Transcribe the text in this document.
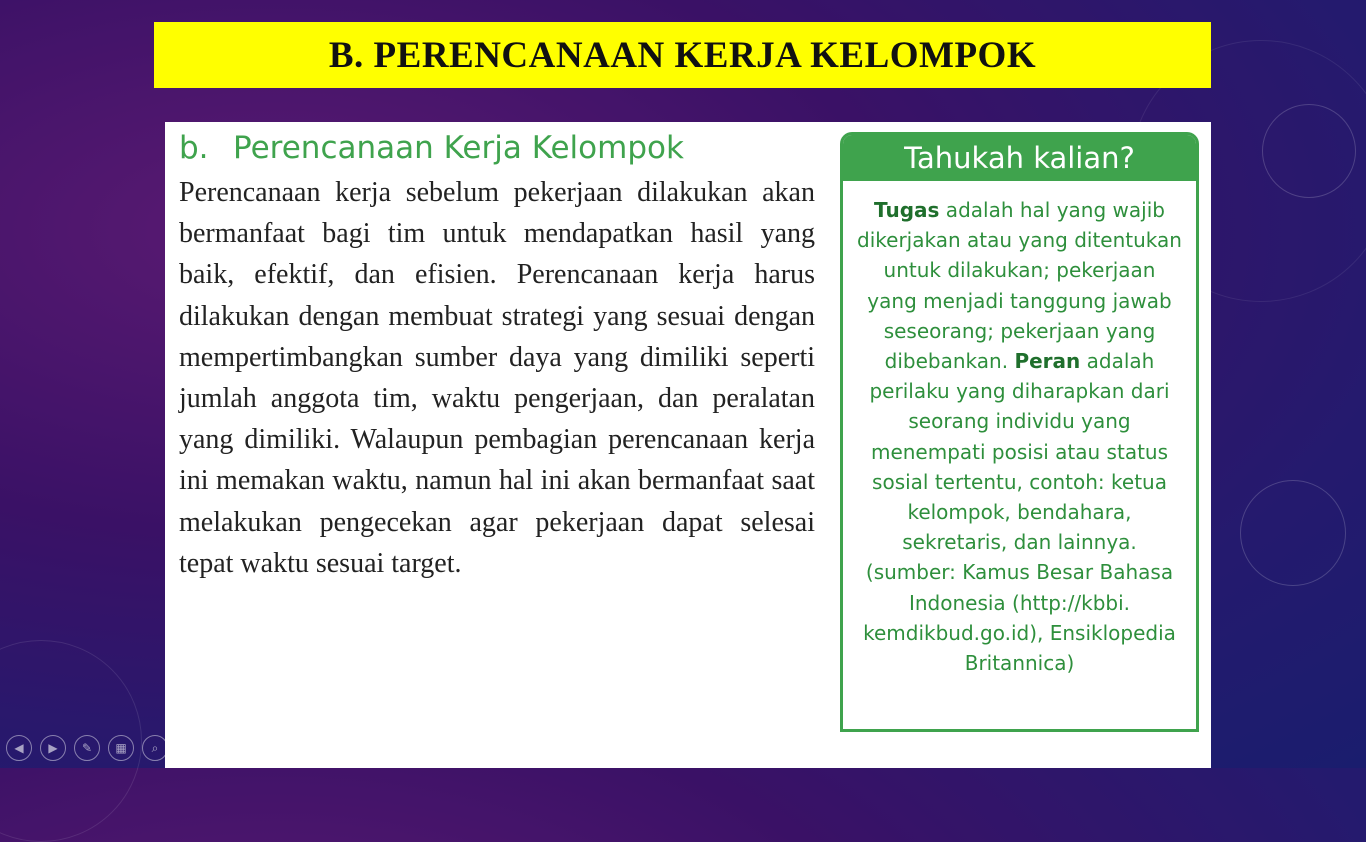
B. PERENCANAAN KERJA KELOMPOK
b. Perencanaan Kerja Kelompok

Perencanaan kerja sebelum pekerjaan dilakukan akan bermanfaat bagi tim untuk mendapatkan hasil yang baik, efektif, dan efisien. Perencanaan kerja harus dilakukan dengan membuat strategi yang sesuai dengan mempertimbangkan sumber daya yang dimiliki seperti jumlah anggota tim, waktu pengerjaan, dan peralatan yang dimiliki. Walaupun pembagian perencanaan kerja ini memakan waktu, namun hal ini akan bermanfaat saat melakukan pengecekan agar pekerjaan dapat selesai tepat waktu sesuai target.

Tahukah kalian?
Tugas adalah hal yang wajib dikerjakan atau yang ditentukan untuk dilakukan; pekerjaan yang menjadi tanggung jawab seseorang; pekerjaan yang dibebankan. Peran adalah perilaku yang diharapkan dari seorang individu yang menempati posisi atau status sosial tertentu, contoh: ketua kelompok, bendahara, sekretaris, dan lainnya. (sumber: Kamus Besar Bahasa Indonesia (http://kbbi. kemdikbud.go.id), Ensiklopedia Britannica)
◀	▶	✎	▦	⌕	···
